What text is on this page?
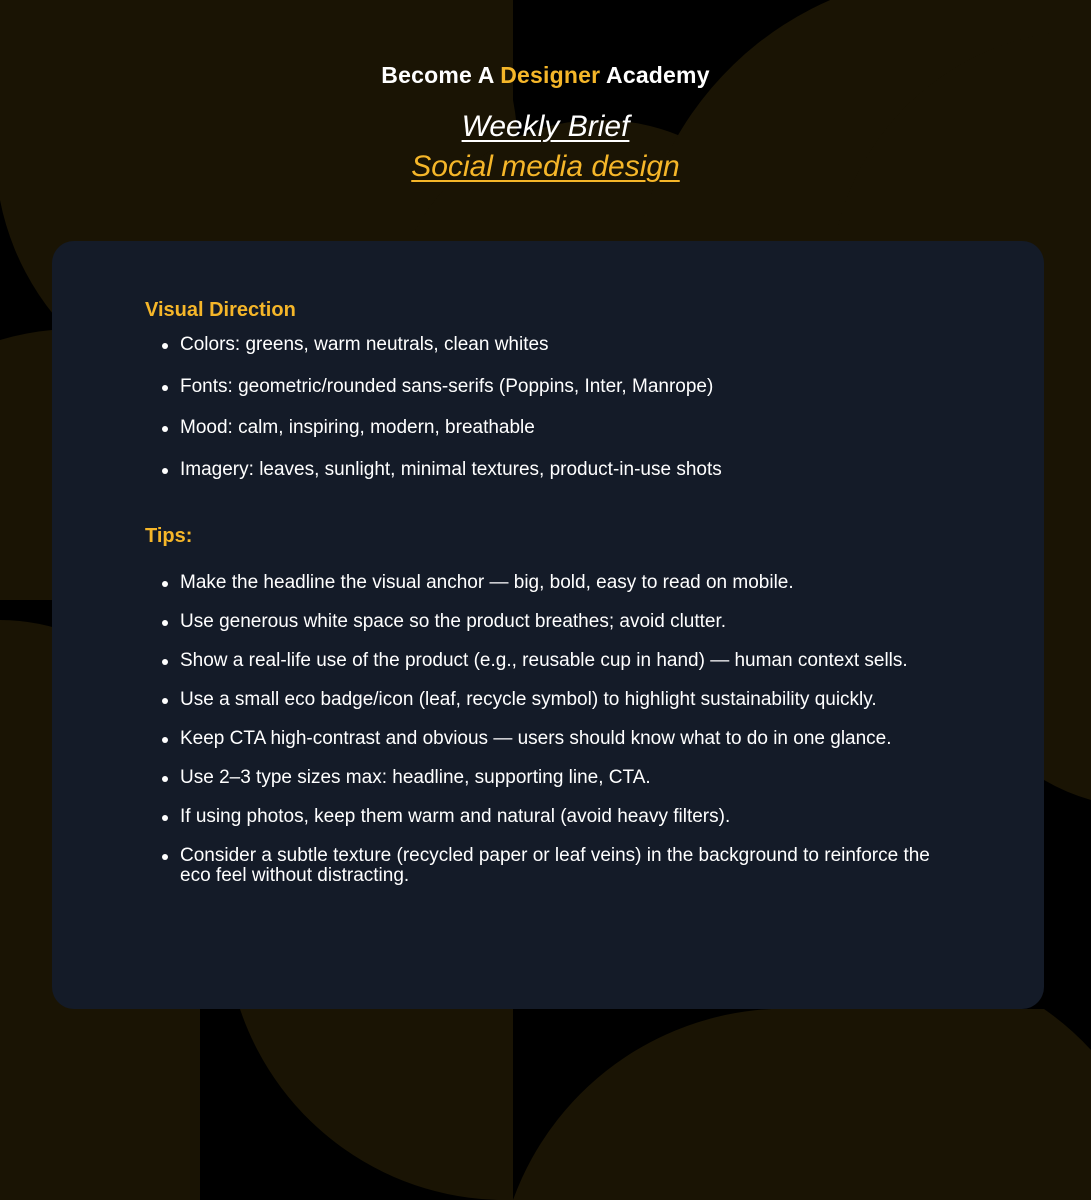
Become A Designer Academy
Weekly Brief
Social media design
Visual Direction
Colors: greens, warm neutrals, clean whites
Fonts: geometric/rounded sans-serifs (Poppins, Inter, Manrope)
Mood: calm, inspiring, modern, breathable
Imagery: leaves, sunlight, minimal textures, product-in-use shots
Tips:
Make the headline the visual anchor — big, bold, easy to read on mobile.
Use generous white space so the product breathes; avoid clutter.
Show a real-life use of the product (e.g., reusable cup in hand) — human context sells.
Use a small eco badge/icon (leaf, recycle symbol) to highlight sustainability quickly.
Keep CTA high-contrast and obvious — users should know what to do in one glance.
Use 2–3 type sizes max: headline, supporting line, CTA.
If using photos, keep them warm and natural (avoid heavy filters).
Consider a subtle texture (recycled paper or leaf veins) in the background to reinforce the eco feel without distracting.
